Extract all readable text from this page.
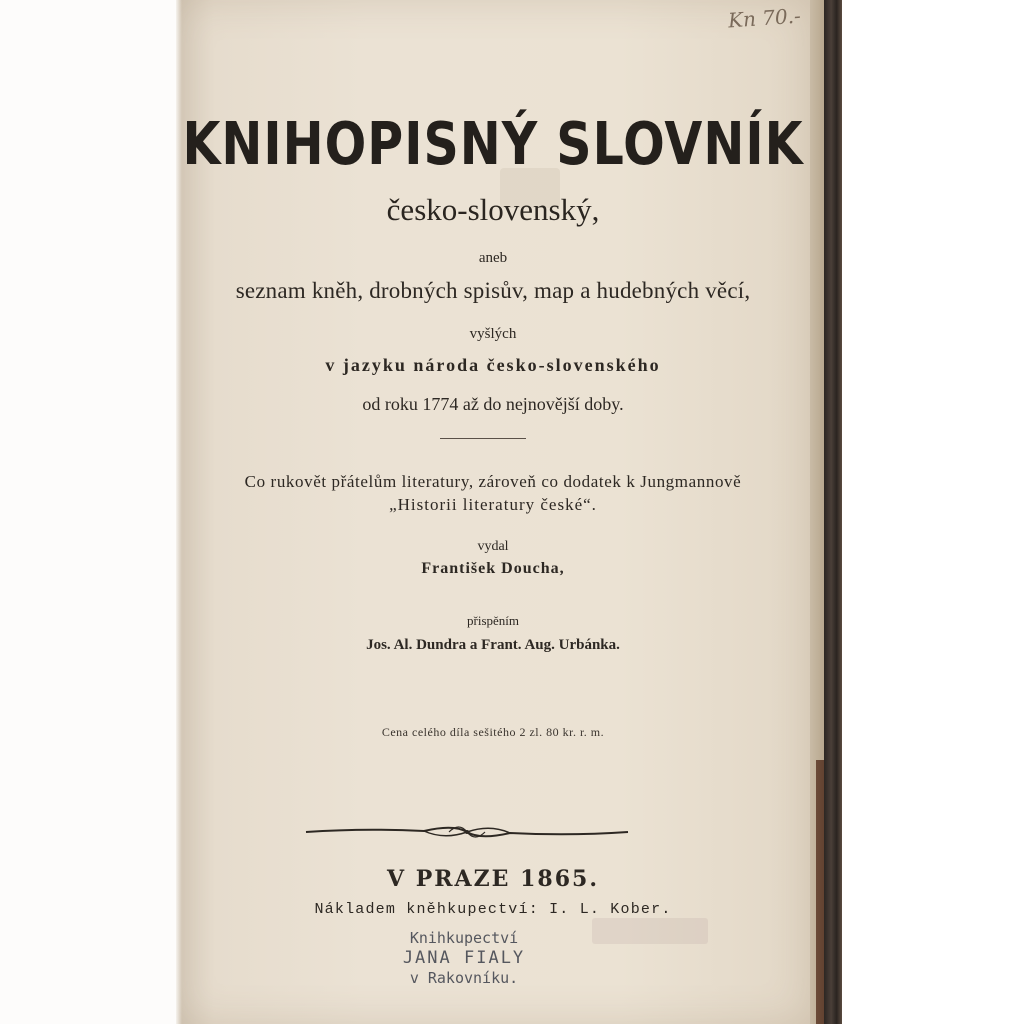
Kn 70.-
KNIHOPISNÝ SLOVNÍK
česko-slovenský,
aneb
seznam kněh, drobných spisův, map a hudebných věcí,
vyšlých
v jazyku národa česko-slovenského
od roku 1774 až do nejnovější doby.
Co rukovět přátelům literatury, zároveň co dodatek k Jungmannově
„Historii literatury české“.
vydal
František Doucha,
přispěním
Jos. Al. Dundra a Frant. Aug. Urbánka.
Cena celého díla sešitého 2 zl. 80 kr. r. m.
V PRAZE 1865.
Nákladem kněhkupectví: I. L. Kober.
Knihkupectví
JANA FIALY
v Rakovníku.
